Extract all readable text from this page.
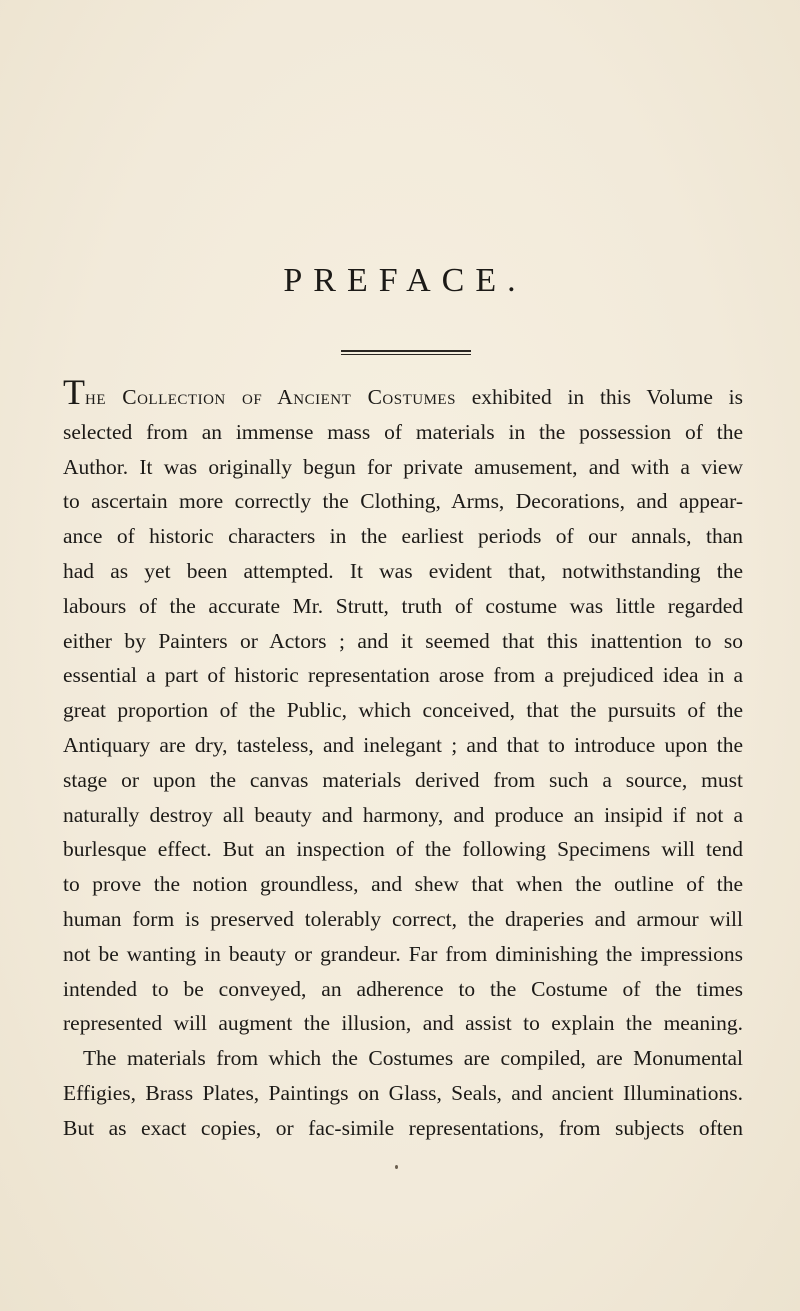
PREFACE.
The Collection of Ancient Costumes exhibited in this Volume is
selected from an immense mass of materials in the possession of the
Author. It was originally begun for private amusement, and with a view
to ascertain more correctly the Clothing, Arms, Decorations, and appear-
ance of historic characters in the earliest periods of our annals, than
had as yet been attempted. It was evident that, notwithstanding the
labours of the accurate Mr. Strutt, truth of costume was little regarded
either by Painters or Actors ; and it seemed that this inattention to so
essential a part of historic representation arose from a prejudiced idea in a
great proportion of the Public, which conceived, that the pursuits of the
Antiquary are dry, tasteless, and inelegant ; and that to introduce upon the
stage or upon the canvas materials derived from such a source, must
naturally destroy all beauty and harmony, and produce an insipid if not a
burlesque effect. But an inspection of the following Specimens will tend
to prove the notion groundless, and shew that when the outline of the
human form is preserved tolerably correct, the draperies and armour will
not be wanting in beauty or grandeur. Far from diminishing the impressions
intended to be conveyed, an adherence to the Costume of the times
represented will augment the illusion, and assist to explain the meaning.
The materials from which the Costumes are compiled, are Monumental
Effigies, Brass Plates, Paintings on Glass, Seals, and ancient Illuminations.
But as exact copies, or fac-simile representations, from subjects often
